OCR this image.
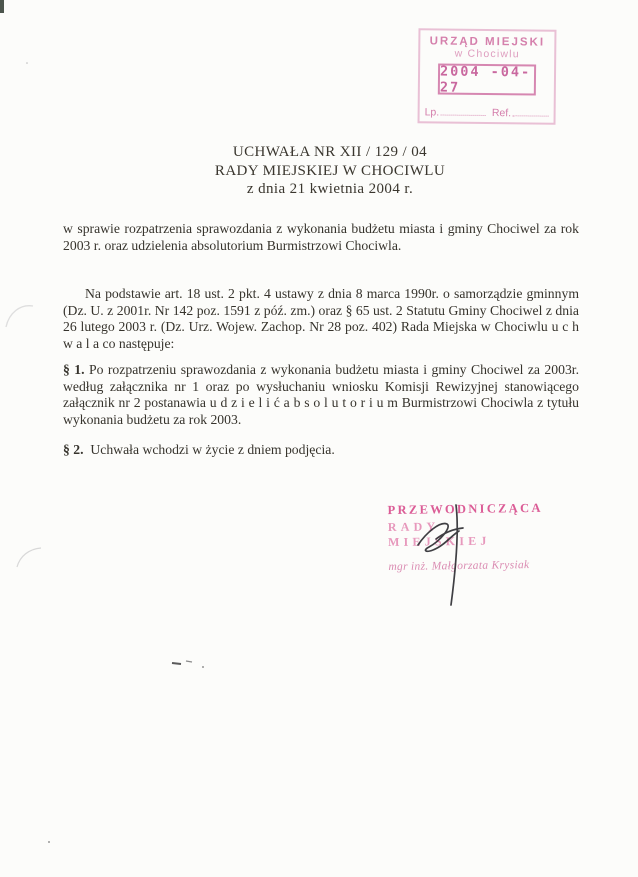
URZĄD MIEJSKI
w Chociwlu
2004 -04- 27
Lp.	Ref.
UCHWAŁA NR XII / 129 / 04
RADY MIEJSKIEJ W CHOCIWLU
z dnia 21 kwietnia 2004 r.

w sprawie rozpatrzenia sprawozdania z wykonania budżetu miasta i gminy Chociwel za rok 2003 r. oraz udzielenia absolutorium Burmistrzowi Chociwla.

Na podstawie art. 18 ust. 2 pkt. 4 ustawy z dnia 8 marca 1990r. o samorządzie gminnym (Dz. U. z 2001r. Nr 142 poz. 1591 z póź. zm.) oraz § 65 ust. 2 Statutu Gminy Chociwel z dnia 26 lutego 2003 r. (Dz. Urz. Wojew. Zachop. Nr 28 poz. 402) Rada Miejska w Chociwlu u c h w a l a co następuje:

§ 1. Po rozpatrzeniu sprawozdania z wykonania budżetu miasta i gminy Chociwel za 2003r. według załącznika nr 1 oraz po wysłuchaniu wniosku Komisji Rewizyjnej stanowiącego załącznik nr 2 postanawia u d z i e l i ć a b s o l u t o r i u m Burmistrzowi Chociwla z tytułu wykonania budżetu za rok 2003.

§ 2. Uchwała wchodzi w życie z dniem podjęcia.

PRZEWODNICZĄCA
RADY MIEJSKIEJ
mgr inż. Małgorzata Krysiak
